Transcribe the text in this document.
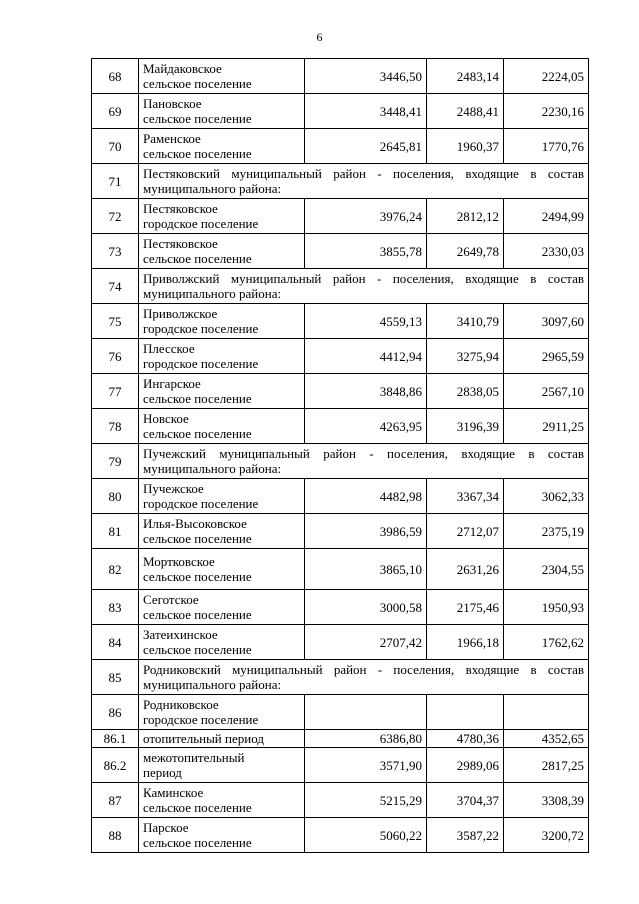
6
68	Майдаковское
сельское поселение	3446,50	2483,14	2224,05
69	Пановское
сельское поселение	3448,41	2488,41	2230,16
70	Раменское
сельское поселение	2645,81	1960,37	1770,76
71	Пестяковский муниципальный район - поселения, входящие в состав муниципального района:			
72	Пестяковское
городское поселение	3976,24	2812,12	2494,99
73	Пестяковское
сельское поселение	3855,78	2649,78	2330,03
74	Приволжский муниципальный район - поселения, входящие в состав муниципального района:			
75	Приволжское
городское поселение	4559,13	3410,79	3097,60
76	Плесское
городское поселение	4412,94	3275,94	2965,59
77	Ингарское
сельское поселение	3848,86	2838,05	2567,10
78	Новское
сельское поселение	4263,95	3196,39	2911,25
79	Пучежский муниципальный район - поселения, входящие в состав муниципального района:			
80	Пучежское
городское поселение	4482,98	3367,34	3062,33
81	Илья-Высоковское
сельское поселение	3986,59	2712,07	2375,19
82	Мортковское
сельское поселение	3865,10	2631,26	2304,55
83	Сеготское
сельское поселение	3000,58	2175,46	1950,93
84	Затеихинское
сельское поселение	2707,42	1966,18	1762,62
85	Родниковский муниципальный район - поселения, входящие в состав муниципального района:			
86	Родниковское
городское поселение			

86.1	отопительный период	6386,80	4780,36	4352,65
86.2	межотопительный
период	3571,90	2989,06	2817,25
87	Каминское
сельское поселение	5215,29	3704,37	3308,39
88	Парское
сельское поселение	5060,22	3587,22	3200,72
